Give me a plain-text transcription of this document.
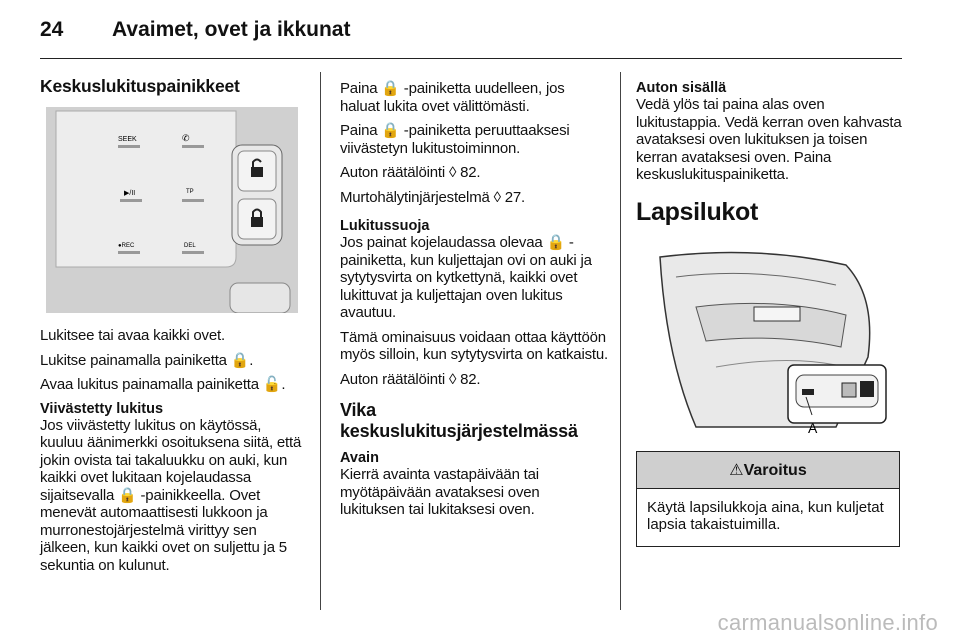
24 Avaimet, ovet ja ikkunat
Keskuslukituspainikkeet
SEEK	✆
▶/II	TP
●REC	DEL

Lukitsee tai avaa kaikki ovet.

Lukitse painamalla painiketta 🔒.

Avaa lukitus painamalla painiketta 🔓.

Viivästetty lukitus

Jos viivästetty lukitus on käytössä, kuuluu äänimerkki osoituksena siitä, että jokin ovista tai takaluukku on auki, kun kaikki ovet lukitaan kojelaudassa sijaitsevalla 🔒 -painikkeella. Ovet menevät automaattisesti lukkoon ja murronestojärjestelmä virittyy sen jälkeen, kun kaikki ovet on suljettu ja 5 sekuntia on kulunut.

Paina 🔒 -painiketta uudelleen, jos haluat lukita ovet välittömästi.

Paina 🔒 -painiketta peruuttaaksesi viivästetyn lukitustoiminnon.

Auton räätälöinti ◊ 82.

Murtohälytinjärjestelmä ◊ 27.

Lukitussuoja

Jos painat kojelaudassa olevaa 🔒 -painiketta, kun kuljettajan ovi on auki ja sytytysvirta on kytkettynä, kaikki ovet lukittuvat ja kuljettajan oven lukitus avautuu.

Tämä ominaisuus voidaan ottaa käyttöön myös silloin, kun sytytysvirta on katkaistu.

Auton räätälöinti ◊ 82.

Vika keskuslukitusjärjestelmässä
Avain

Kierrä avainta vastapäivään tai myötäpäivään avataksesi oven lukituksen tai lukitaksesi oven.

Auton sisällä

Vedä ylös tai paina alas oven lukitustappia. Vedä kerran oven kahvasta avataksesi oven lukituksen ja toisen kerran avataksesi oven. Paina keskuslukituspainiketta.

Lapsilukot
A
⚠Varoitus
Käytä lapsilukkoja aina, kun kuljetat lapsia takaistuimilla.
carmanualsonline.info
